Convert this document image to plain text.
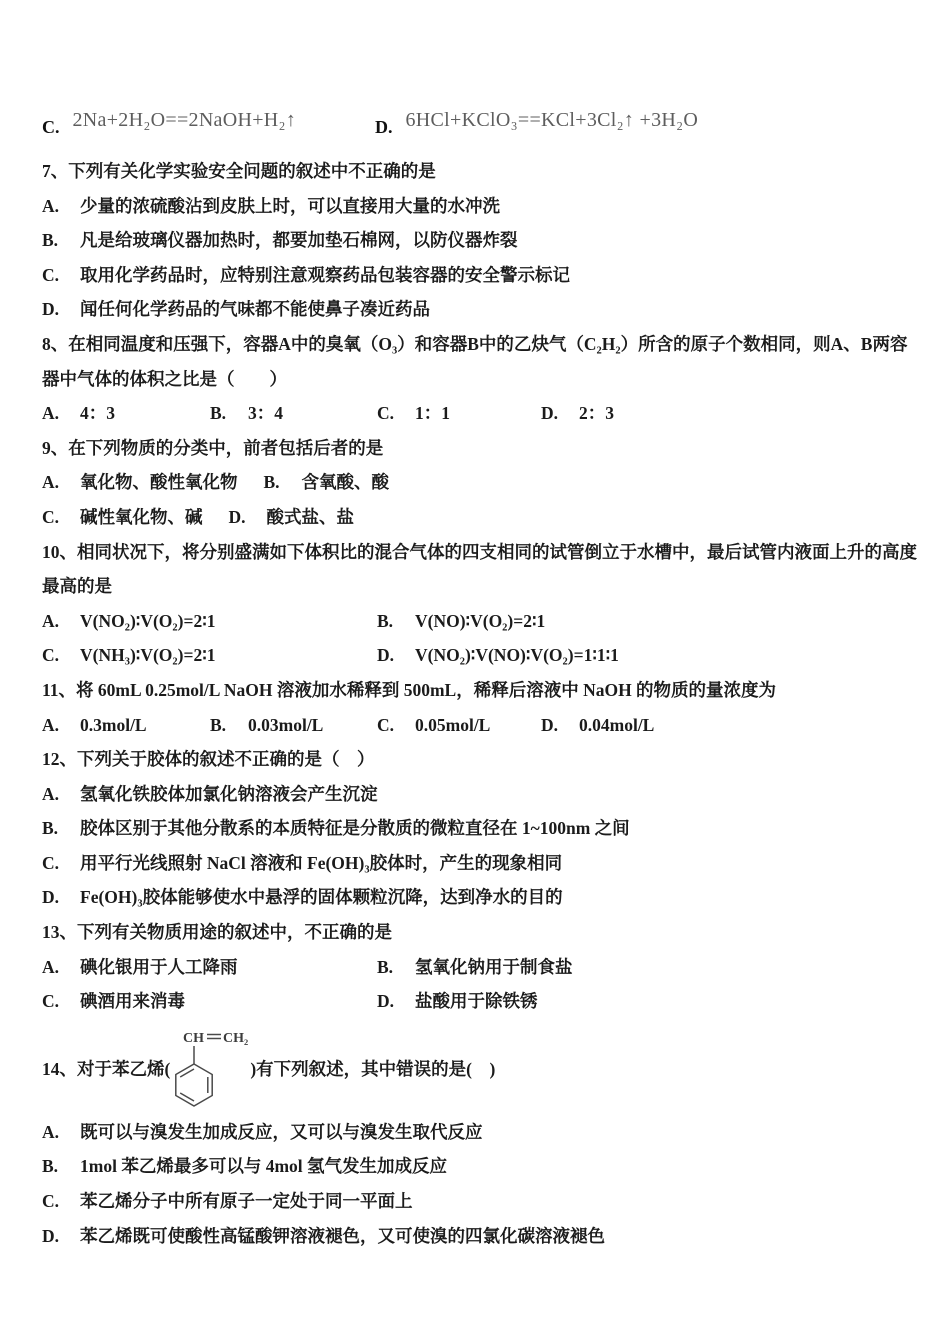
C. 2Na+2H₂O==2NaOH+H₂↑	D. 6HCl+KClO₃==KCl+3Cl₂↑ +3H₂O

7、下列有关化学实验安全问题的叙述中不正确的是

A. 少量的浓硫酸沾到皮肤上时，可以直接用大量的水冲洗

B. 凡是给玻璃仪器加热时，都要加垫石棉网，以防仪器炸裂

C. 取用化学药品时，应特别注意观察药品包装容器的安全警示标记

D. 闻任何化学药品的气味都不能使鼻子凑近药品

8、在相同温度和压强下，容器A中的臭氧（O₃）和容器B中的乙炔气（C₂H₂）所含的原子个数相同，则A、B两容器中气体的体积之比是（　　）

A. 4：3	B. 3：4	C. 1：1	D. 2：3

9、在下列物质的分类中，前者包括后者的是

A. 氧化物、酸性氧化物 B. 含氧酸、酸
C. 碱性氧化物、碱 D. 酸式盐、盐

10、相同状况下，将分别盛满如下体积比的混合气体的四支相同的试管倒立于水槽中，最后试管内液面上升的高度最高的是

A. V(NO₂)∶V(O₂)=2∶1	B. V(NO)∶V(O₂)=2∶1
C. V(NH₃)∶V(O₂)=2∶1	D. V(NO₂)∶V(NO)∶V(O₂)=1∶1∶1

11、将 60mL 0.25mol/L NaOH 溶液加水稀释到 500mL，稀释后溶液中 NaOH 的物质的量浓度为

A. 0.3mol/L	B. 0.03mol/L	C. 0.05mol/L	D. 0.04mol/L

12、下列关于胶体的叙述不正确的是（　）

A. 氢氧化铁胶体加氯化钠溶液会产生沉淀

B. 胶体区别于其他分散系的本质特征是分散质的微粒直径在 1~100nm 之间

C. 用平行光线照射 NaCl 溶液和 Fe(OH)₃胶体时，产生的现象相同

D. Fe(OH)₃胶体能够使水中悬浮的固体颗粒沉降，达到净水的目的

13、下列有关物质用途的叙述中，不正确的是

A. 碘化银用于人工降雨	B. 氢氧化钠用于制食盐
C. 碘酒用来消毒	D. 盐酸用于除铁锈
14、对于苯乙烯(
CH CH₂
)有下列叙述，其中错误的是(　)

A. 既可以与溴发生加成反应，又可以与溴发生取代反应

B. 1mol 苯乙烯最多可以与 4mol 氢气发生加成反应

C. 苯乙烯分子中所有原子一定处于同一平面上

D. 苯乙烯既可使酸性高锰酸钾溶液褪色，又可使溴的四氯化碳溶液褪色
